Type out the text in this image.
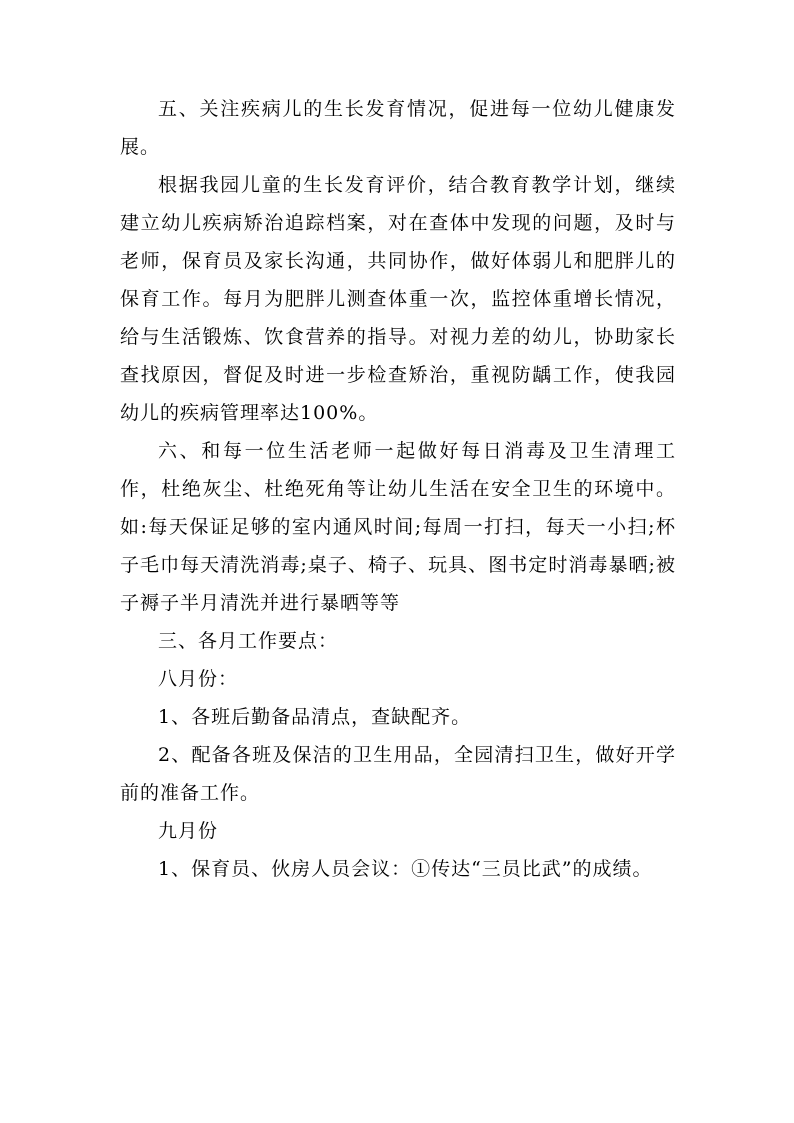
五、关注疾病儿的生长发育情况，促进每一位幼儿健康发展。

根据我园儿童的生长发育评价，结合教育教学计划，继续建立幼儿疾病矫治追踪档案，对在查体中发现的问题，及时与老师，保育员及家长沟通，共同协作，做好体弱儿和肥胖儿的保育工作。每月为肥胖儿测查体重一次，监控体重增长情况，给与生活锻炼、饮食营养的指导。对视力差的幼儿，协助家长查找原因，督促及时进一步检查矫治，重视防龋工作，使我园幼儿的疾病管理率达100%。

六、和每一位生活老师一起做好每日消毒及卫生清理工作，杜绝灰尘、杜绝死角等让幼儿生活在安全卫生的环境中。如:每天保证足够的室内通风时间;每周一打扫，每天一小扫;杯子毛巾每天清洗消毒;桌子、椅子、玩具、图书定时消毒暴晒;被子褥子半月清洗并进行暴晒等等

三、各月工作要点：

八月份：

1、各班后勤备品清点，查缺配齐。

2、配备各班及保洁的卫生用品，全园清扫卫生，做好开学前的准备工作。

九月份

1、保育员、伙房人员会议：①传达“三员比武”的成绩。
